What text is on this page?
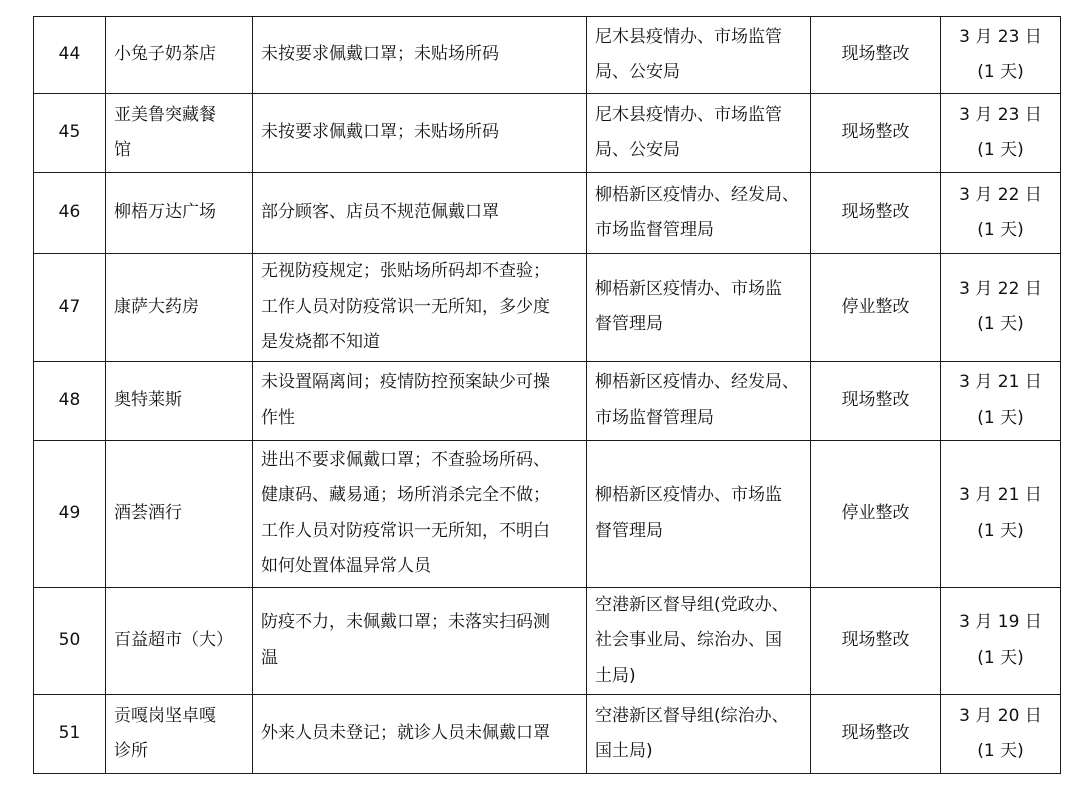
44	小兔子奶茶店	未按要求佩戴口罩；未贴场所码	尼木县疫情办、市场监管
局、公安局	现场整改	3 月 23 日
(1 天)

45	亚美鲁突藏餐
馆	未按要求佩戴口罩；未贴场所码	尼木县疫情办、市场监管
局、公安局	现场整改	3 月 23 日
(1 天)

46	柳梧万达广场	部分顾客、店员不规范佩戴口罩	柳梧新区疫情办、经发局、
市场监督管理局	现场整改	3 月 22 日
(1 天)

47	康萨大药房	无视防疫规定；张贴场所码却不查验；
工作人员对防疫常识一无所知，多少度
是发烧都不知道	柳梧新区疫情办、市场监
督管理局	停业整改	3 月 22 日
(1 天)

48	奥特莱斯	未设置隔离间；疫情防控预案缺少可操
作性	柳梧新区疫情办、经发局、
市场监督管理局	现场整改	3 月 21 日
(1 天)

49	酒荟酒行	进出不要求佩戴口罩；不查验场所码、
健康码、藏易通；场所消杀完全不做；
工作人员对防疫常识一无所知，不明白
如何处置体温异常人员	柳梧新区疫情办、市场监
督管理局	停业整改	3 月 21 日
(1 天)

50	百益超市（大）	防疫不力，未佩戴口罩；未落实扫码测
温	空港新区督导组(党政办、
社会事业局、综治办、国
土局)	现场整改	3 月 19 日
(1 天)

51	贡嘎岗坚卓嘎
诊所	外来人员未登记；就诊人员未佩戴口罩	空港新区督导组(综治办、
国土局)	现场整改	3 月 20 日
(1 天)
